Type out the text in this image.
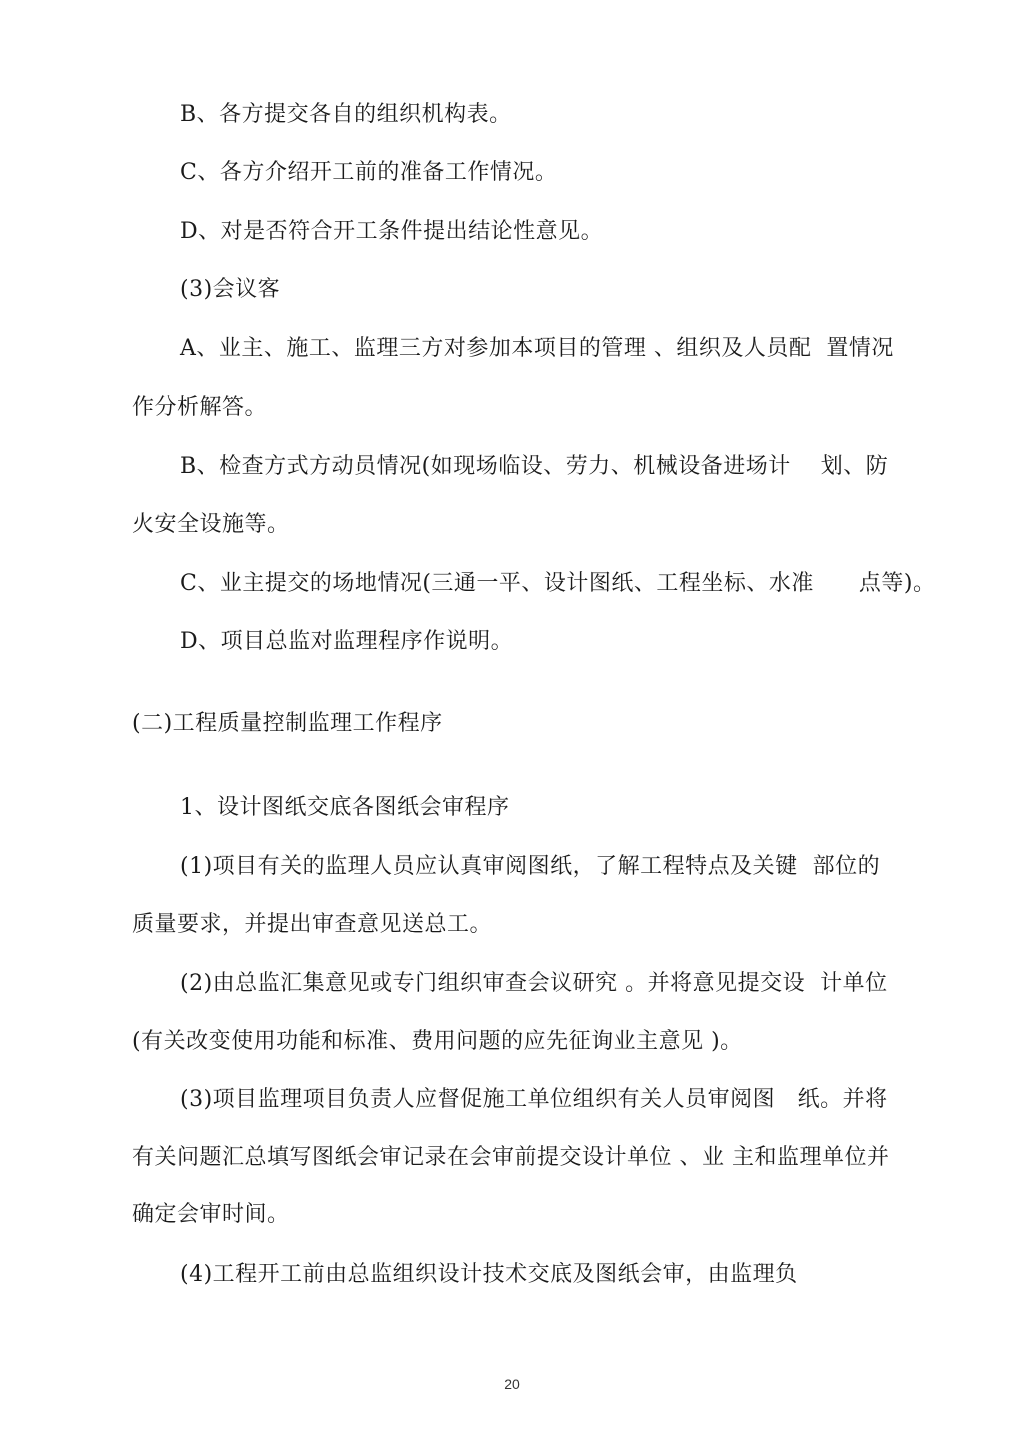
B、各方提交各自的组织机构表。
C、各方介绍开工前的准备工作情况。
D、对是否符合开工条件提出结论性意见。
(3)会议客
A、业主、施工、监理三方对参加本项目的管理 、组织及人员配  置情况
作分析解答。
B、检查方式方动员情况(如现场临设、劳力、机械设备进场计    划、防
火安全设施等。
C、业主提交的场地情况(三通一平、设计图纸、工程坐标、水准      点等)。
D、项目总监对监理程序作说明。
(二)工程质量控制监理工作程序
1、设计图纸交底各图纸会审程序
(1)项目有关的监理人员应认真审阅图纸，了解工程特点及关键  部位的
质量要求，并提出审查意见送总工。
(2)由总监汇集意见或专门组织审查会议研究 。并将意见提交设  计单位
(有关改变使用功能和标准、费用问题的应先征询业主意见 )。
(3)项目监理项目负责人应督促施工单位组织有关人员审阅图   纸。并将
有关问题汇总填写图纸会审记录在会审前提交设计单位 、业 主和监理单位并
确定会审时间。
(4)工程开工前由总监组织设计技术交底及图纸会审，由监理负
20
